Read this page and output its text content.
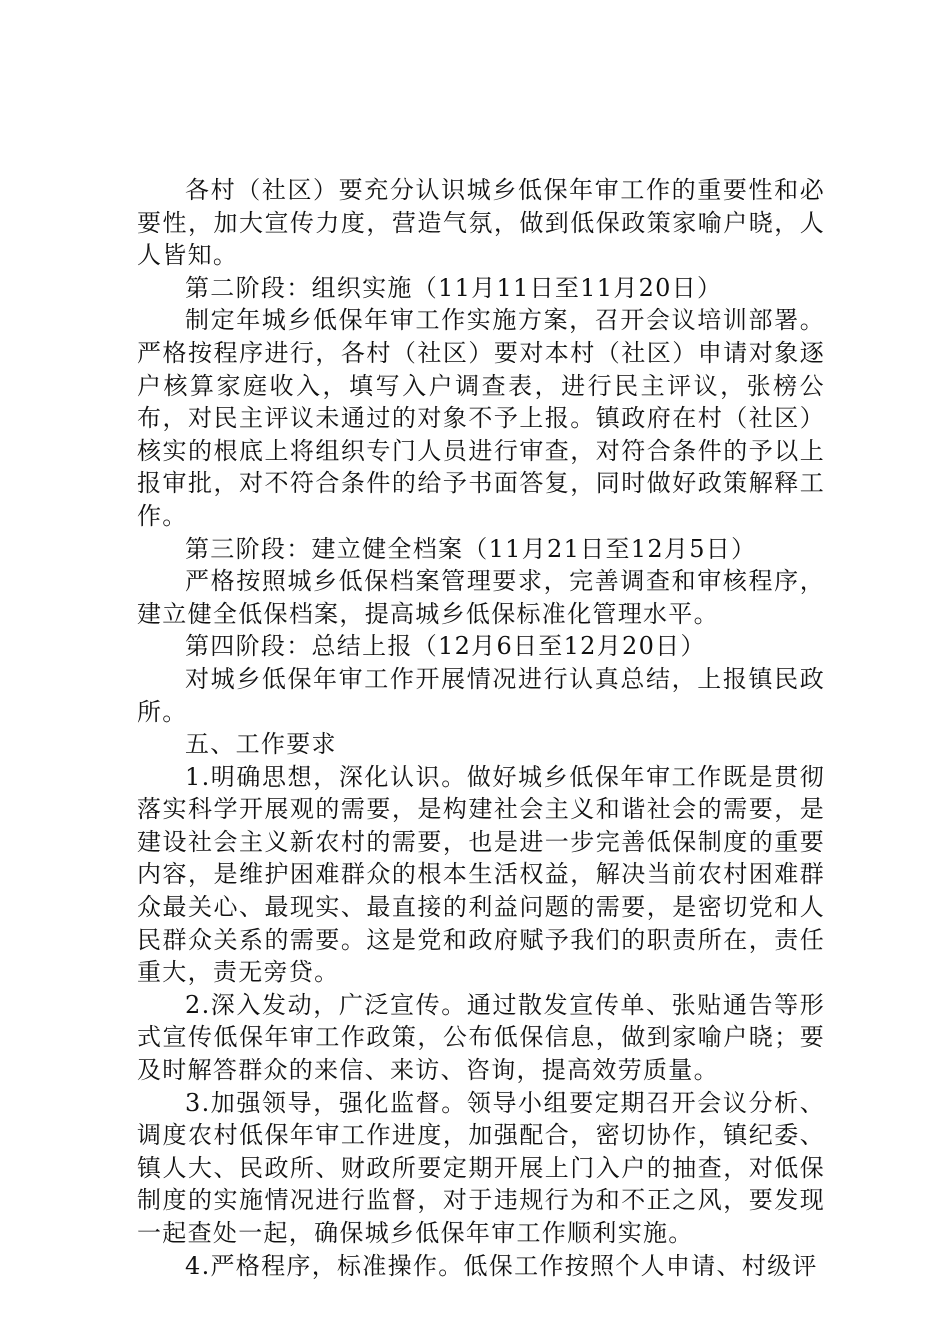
各村（社区）要充分认识城乡低保年审工作的重要性和必要性，加大宣传力度，营造气氛，做到低保政策家喻户晓，人人皆知。

第二阶段：组织实施（11月11日至11月20日）

制定年城乡低保年审工作实施方案，召开会议培训部署。严格按程序进行，各村（社区）要对本村（社区）申请对象逐户核算家庭收入，填写入户调查表，进行民主评议，张榜公布，对民主评议未通过的对象不予上报。镇政府在村（社区）核实的根底上将组织专门人员进行审查，对符合条件的予以上报审批，对不符合条件的给予书面答复，同时做好政策解释工作。

第三阶段：建立健全档案（11月21日至12月5日）

严格按照城乡低保档案管理要求，完善调查和审核程序，建立健全低保档案，提高城乡低保标准化管理水平。

第四阶段：总结上报（12月6日至12月20日）

对城乡低保年审工作开展情况进行认真总结，上报镇民政所。

五、工作要求

1.明确思想，深化认识。做好城乡低保年审工作既是贯彻落实科学开展观的需要，是构建社会主义和谐社会的需要，是建设社会主义新农村的需要，也是进一步完善低保制度的重要内容，是维护困难群众的根本生活权益，解决当前农村困难群众最关心、最现实、最直接的利益问题的需要，是密切党和人民群众关系的需要。这是党和政府赋予我们的职责所在，责任重大，责无旁贷。

2.深入发动，广泛宣传。通过散发宣传单、张贴通告等形式宣传低保年审工作政策，公布低保信息，做到家喻户晓；要及时解答群众的来信、来访、咨询，提高效劳质量。

3.加强领导，强化监督。领导小组要定期召开会议分析、调度农村低保年审工作进度，加强配合，密切协作，镇纪委、镇人大、民政所、财政所要定期开展上门入户的抽查，对低保制度的实施情况进行监督，对于违规行为和不正之风，要发现一起查处一起，确保城乡低保年审工作顺利实施。

4.严格程序，标准操作。低保工作按照个人申请、村级评
